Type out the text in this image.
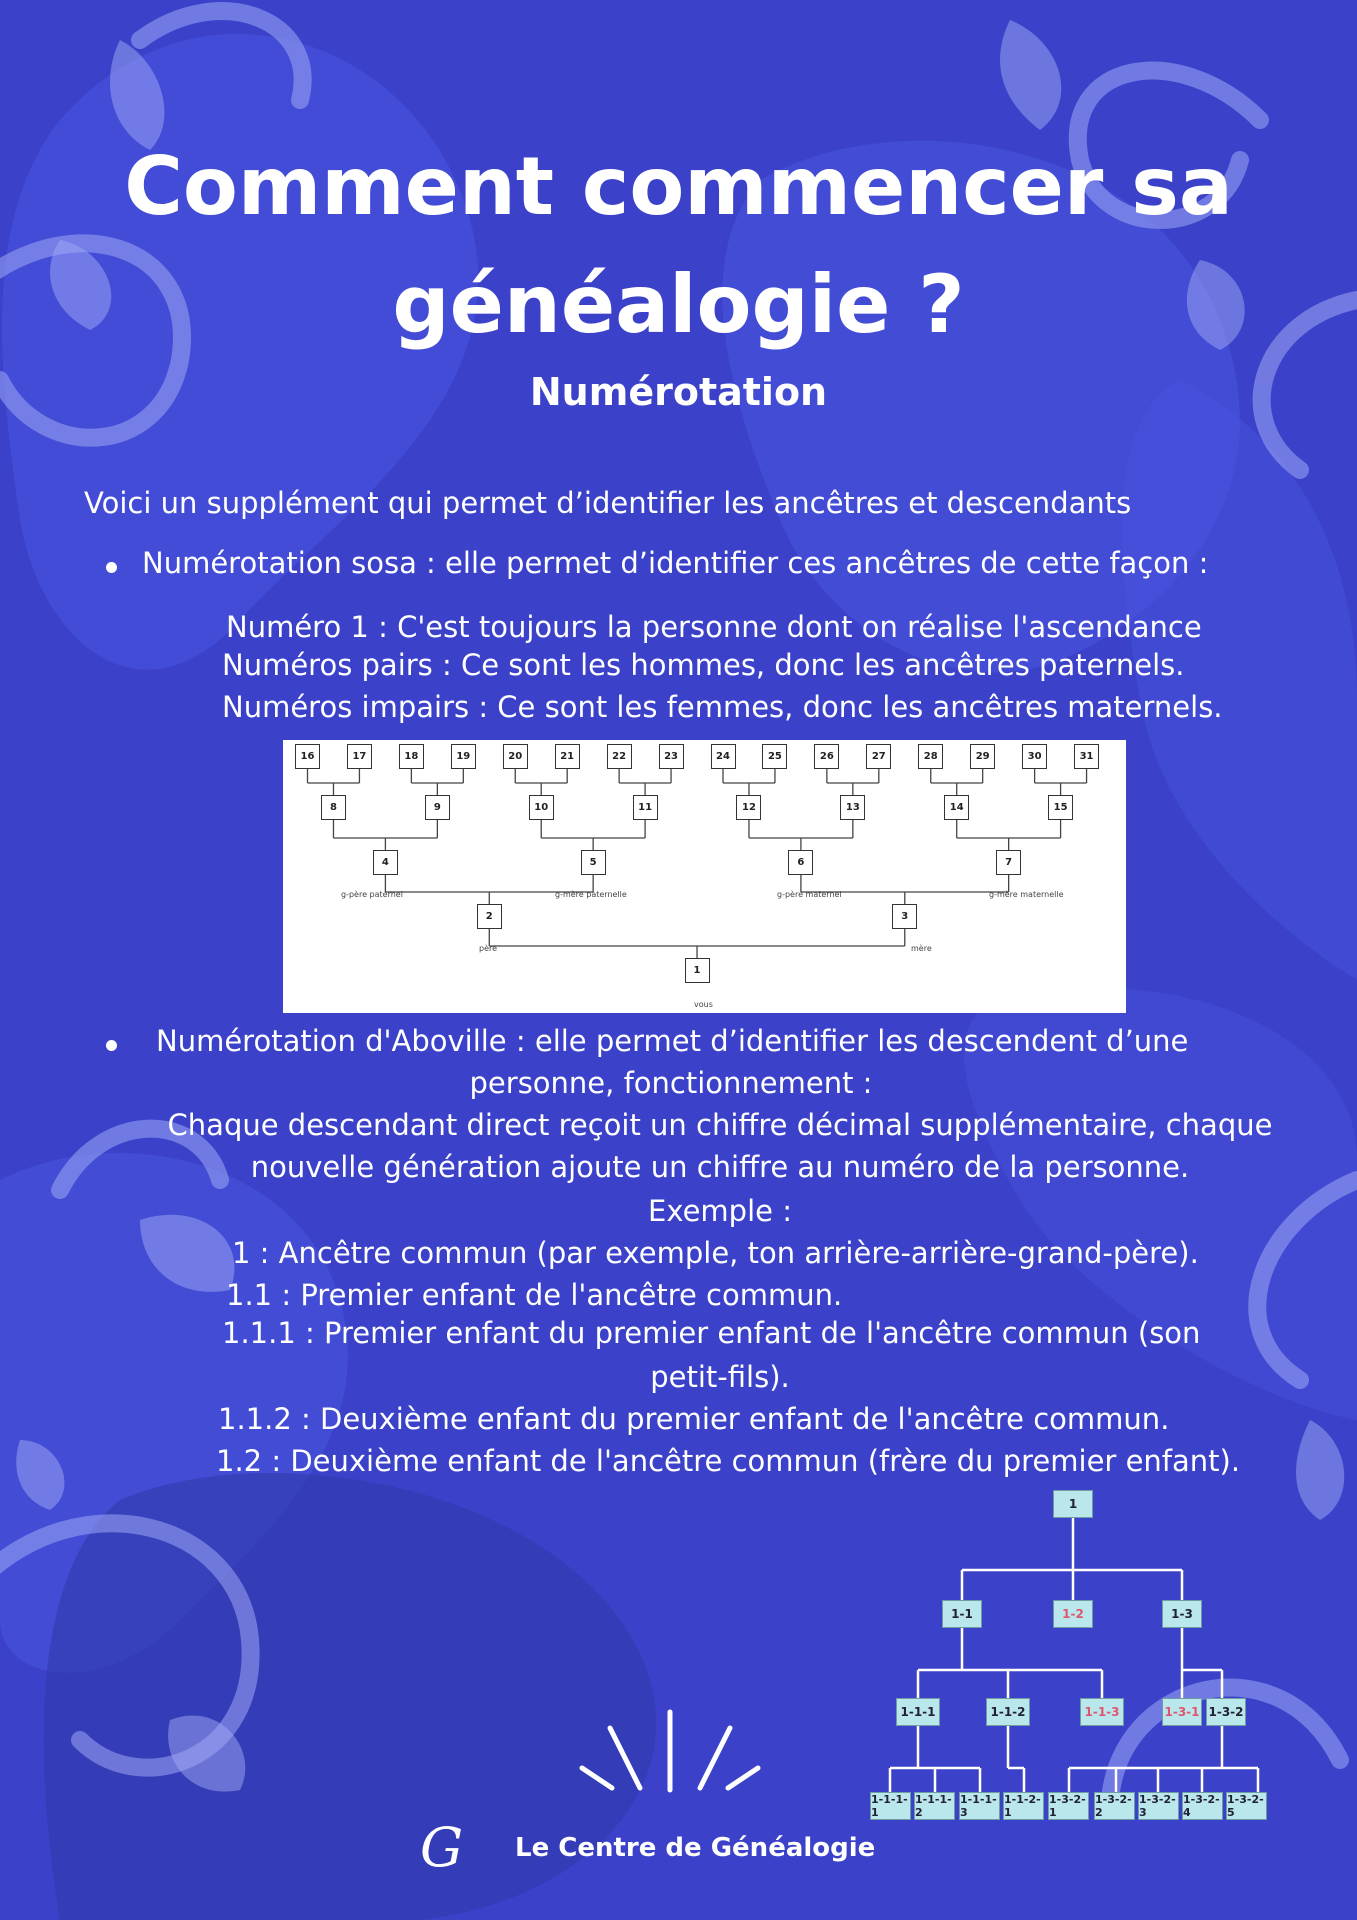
Comment commencer sa
généalogie ?
Numérotation

Voici un supplément qui permet d’identifier les ancêtres et descendants

Numérotation sosa : elle permet d’identifier ces ancêtres de cette façon :

Numéro 1 : C'est toujours la personne dont on réalise l'ascendance

Numéros pairs : Ce sont les hommes, donc les ancêtres paternels.

Numéros impairs : Ce sont les femmes, donc les ancêtres maternels.

16	17	18	19	20	21	22	23	24	25	26	27	28	29	30	31
8	9	10	11	12	13	14	15
4	5	6	7
2	3
1
g-père paternel	g-mère paternelle	g-père maternel	g-mère maternelle
père	mère
vous

Numérotation d'Aboville : elle permet d’identifier les descendent d’une

personne, fonctionnement :

Chaque descendant direct reçoit un chiffre décimal supplémentaire, chaque

nouvelle génération ajoute un chiffre au numéro de la personne.

Exemple :

1 : Ancêtre commun (par exemple, ton arrière-arrière-grand-père).

1.1 : Premier enfant de l'ancêtre commun.

1.1.1 : Premier enfant du premier enfant de l'ancêtre commun (son

petit-fils).

1.1.2 : Deuxième enfant du premier enfant de l'ancêtre commun.

1.2 : Deuxième enfant de l'ancêtre commun (frère du premier enfant).

1
1-1	1-2	1-3
1-1-1	1-1-2	1-1-3	1-3-1 1-3-2
1-1-1-1
1-1-1-2
1-1-1-3
1-1-2-1
1-3-2-1
1-3-2-2
1-3-2-3
1-3-2-4
1-3-2-5
G Le Centre de Généalogie
